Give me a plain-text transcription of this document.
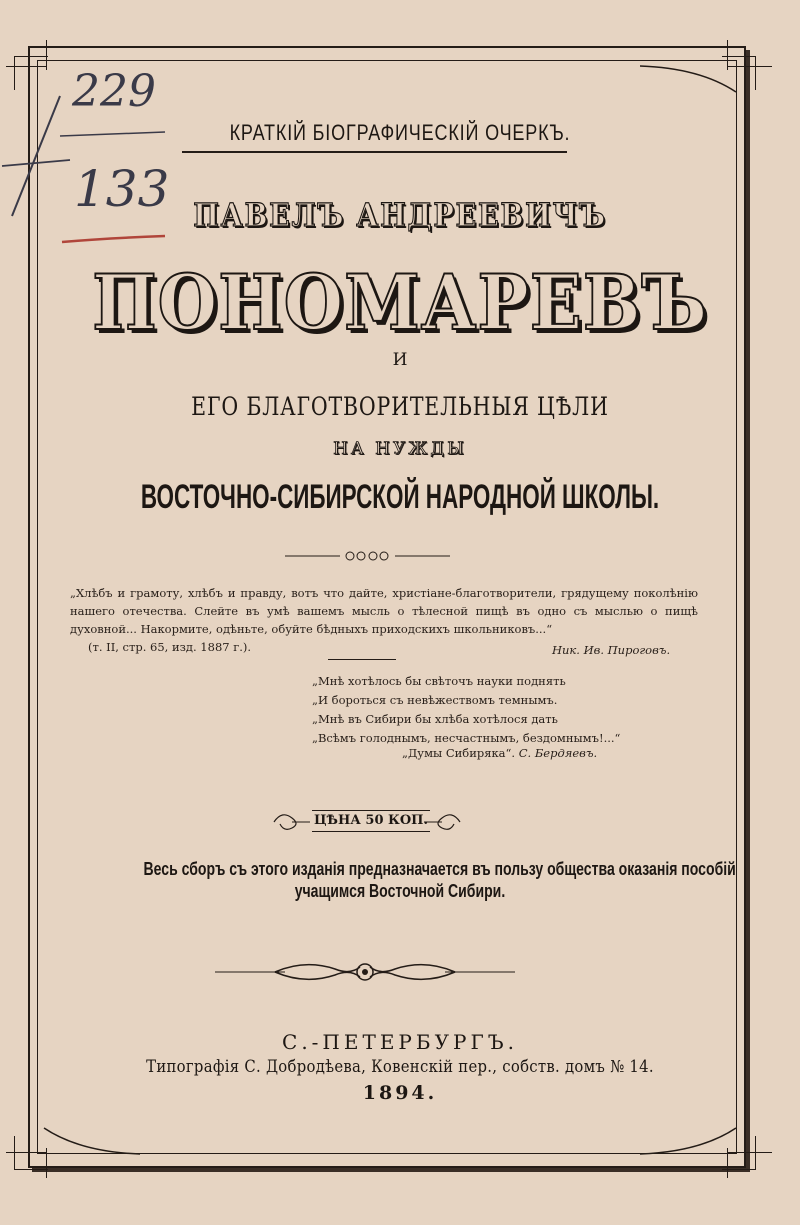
229
133
КРАТКІЙ БІОГРАФИЧЕСКІЙ ОЧЕРКЪ.
ПАВЕЛЪ АНДРЕЕВИЧЪ
ПОНОМАРЕВЪ
И
ЕГО БЛАГОТВОРИТЕЛЬНЫЯ ЦѢЛИ
НА НУЖДЫ
ВОСТОЧНО-СИБИРСКОЙ НАРОДНОЙ ШКОЛЫ.
„Хлѣбъ и грамоту, хлѣбъ и правду, вотъ что дайте, христіане-благотворители, грядущему поколѣнію нашего отечества. Слейте въ умѣ вашемъ мысль о тѣлесной пищѣ въ одно съ мыслью о пищѣ духовной... Накормите, одѣньте, обуйте бѣдныхъ приходскихъ школьниковъ...“
(т. II, стр. 65, изд. 1887 г.).	Ник. Ив. Пироговъ.
„Мнѣ хотѣлось бы свѣточъ науки поднять
„И бороться съ невѣжествомъ темнымъ.
„Мнѣ въ Сибири бы хлѣба хотѣлося дать
„Всѣмъ голоднымъ, несчастнымъ, бездомнымъ!...“
„Думы Сибиряка“. С. Бердяевъ.
ЦѢНА 50 КОП.
Весь сборъ съ этого изданія предназначается въ пользу общества оказанія пособій
учащимся Восточной Сибири.
С.-ПЕТЕРБУРГЪ.
Типографія С. Добродѣева, Ковенскій пер., собств. домъ № 14.
1894.
